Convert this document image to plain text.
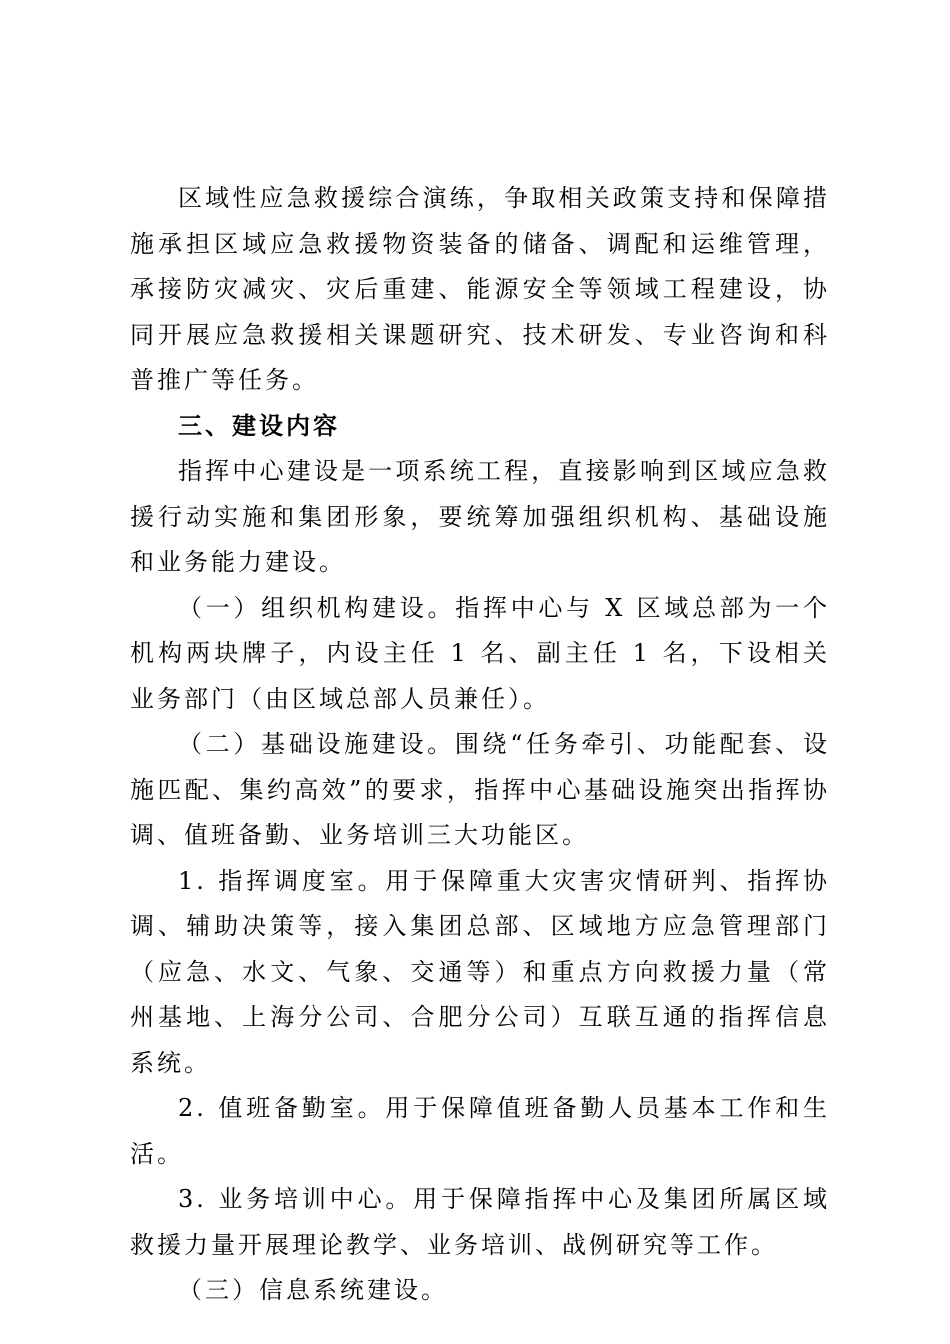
区域性应急救援综合演练，争取相关政策支持和保障措施承担区域应急救援物资装备的储备、调配和运维管理，承接防灾减灾、灾后重建、能源安全等领域工程建设，协同开展应急救援相关课题研究、技术研发、专业咨询和科普推广等任务。

三、建设内容

指挥中心建设是一项系统工程，直接影响到区域应急救援行动实施和集团形象，要统筹加强组织机构、基础设施和业务能力建设。

（一）组织机构建设。指挥中心与 X 区域总部为一个机构两块牌子，内设主任 1 名、副主任 1 名，下设相关业务部门（由区域总部人员兼任）。

（二）基础设施建设。围绕“任务牵引、功能配套、设施匹配、集约高效”的要求，指挥中心基础设施突出指挥协调、值班备勤、业务培训三大功能区。

1. 指挥调度室。用于保障重大灾害灾情研判、指挥协调、辅助决策等，接入集团总部、区域地方应急管理部门（应急、水文、气象、交通等）和重点方向救援力量（常州基地、上海分公司、合肥分公司）互联互通的指挥信息系统。

2. 值班备勤室。用于保障值班备勤人员基本工作和生活。

3. 业务培训中心。用于保障指挥中心及集团所属区域救援力量开展理论教学、业务培训、战例研究等工作。

（三）信息系统建设。
